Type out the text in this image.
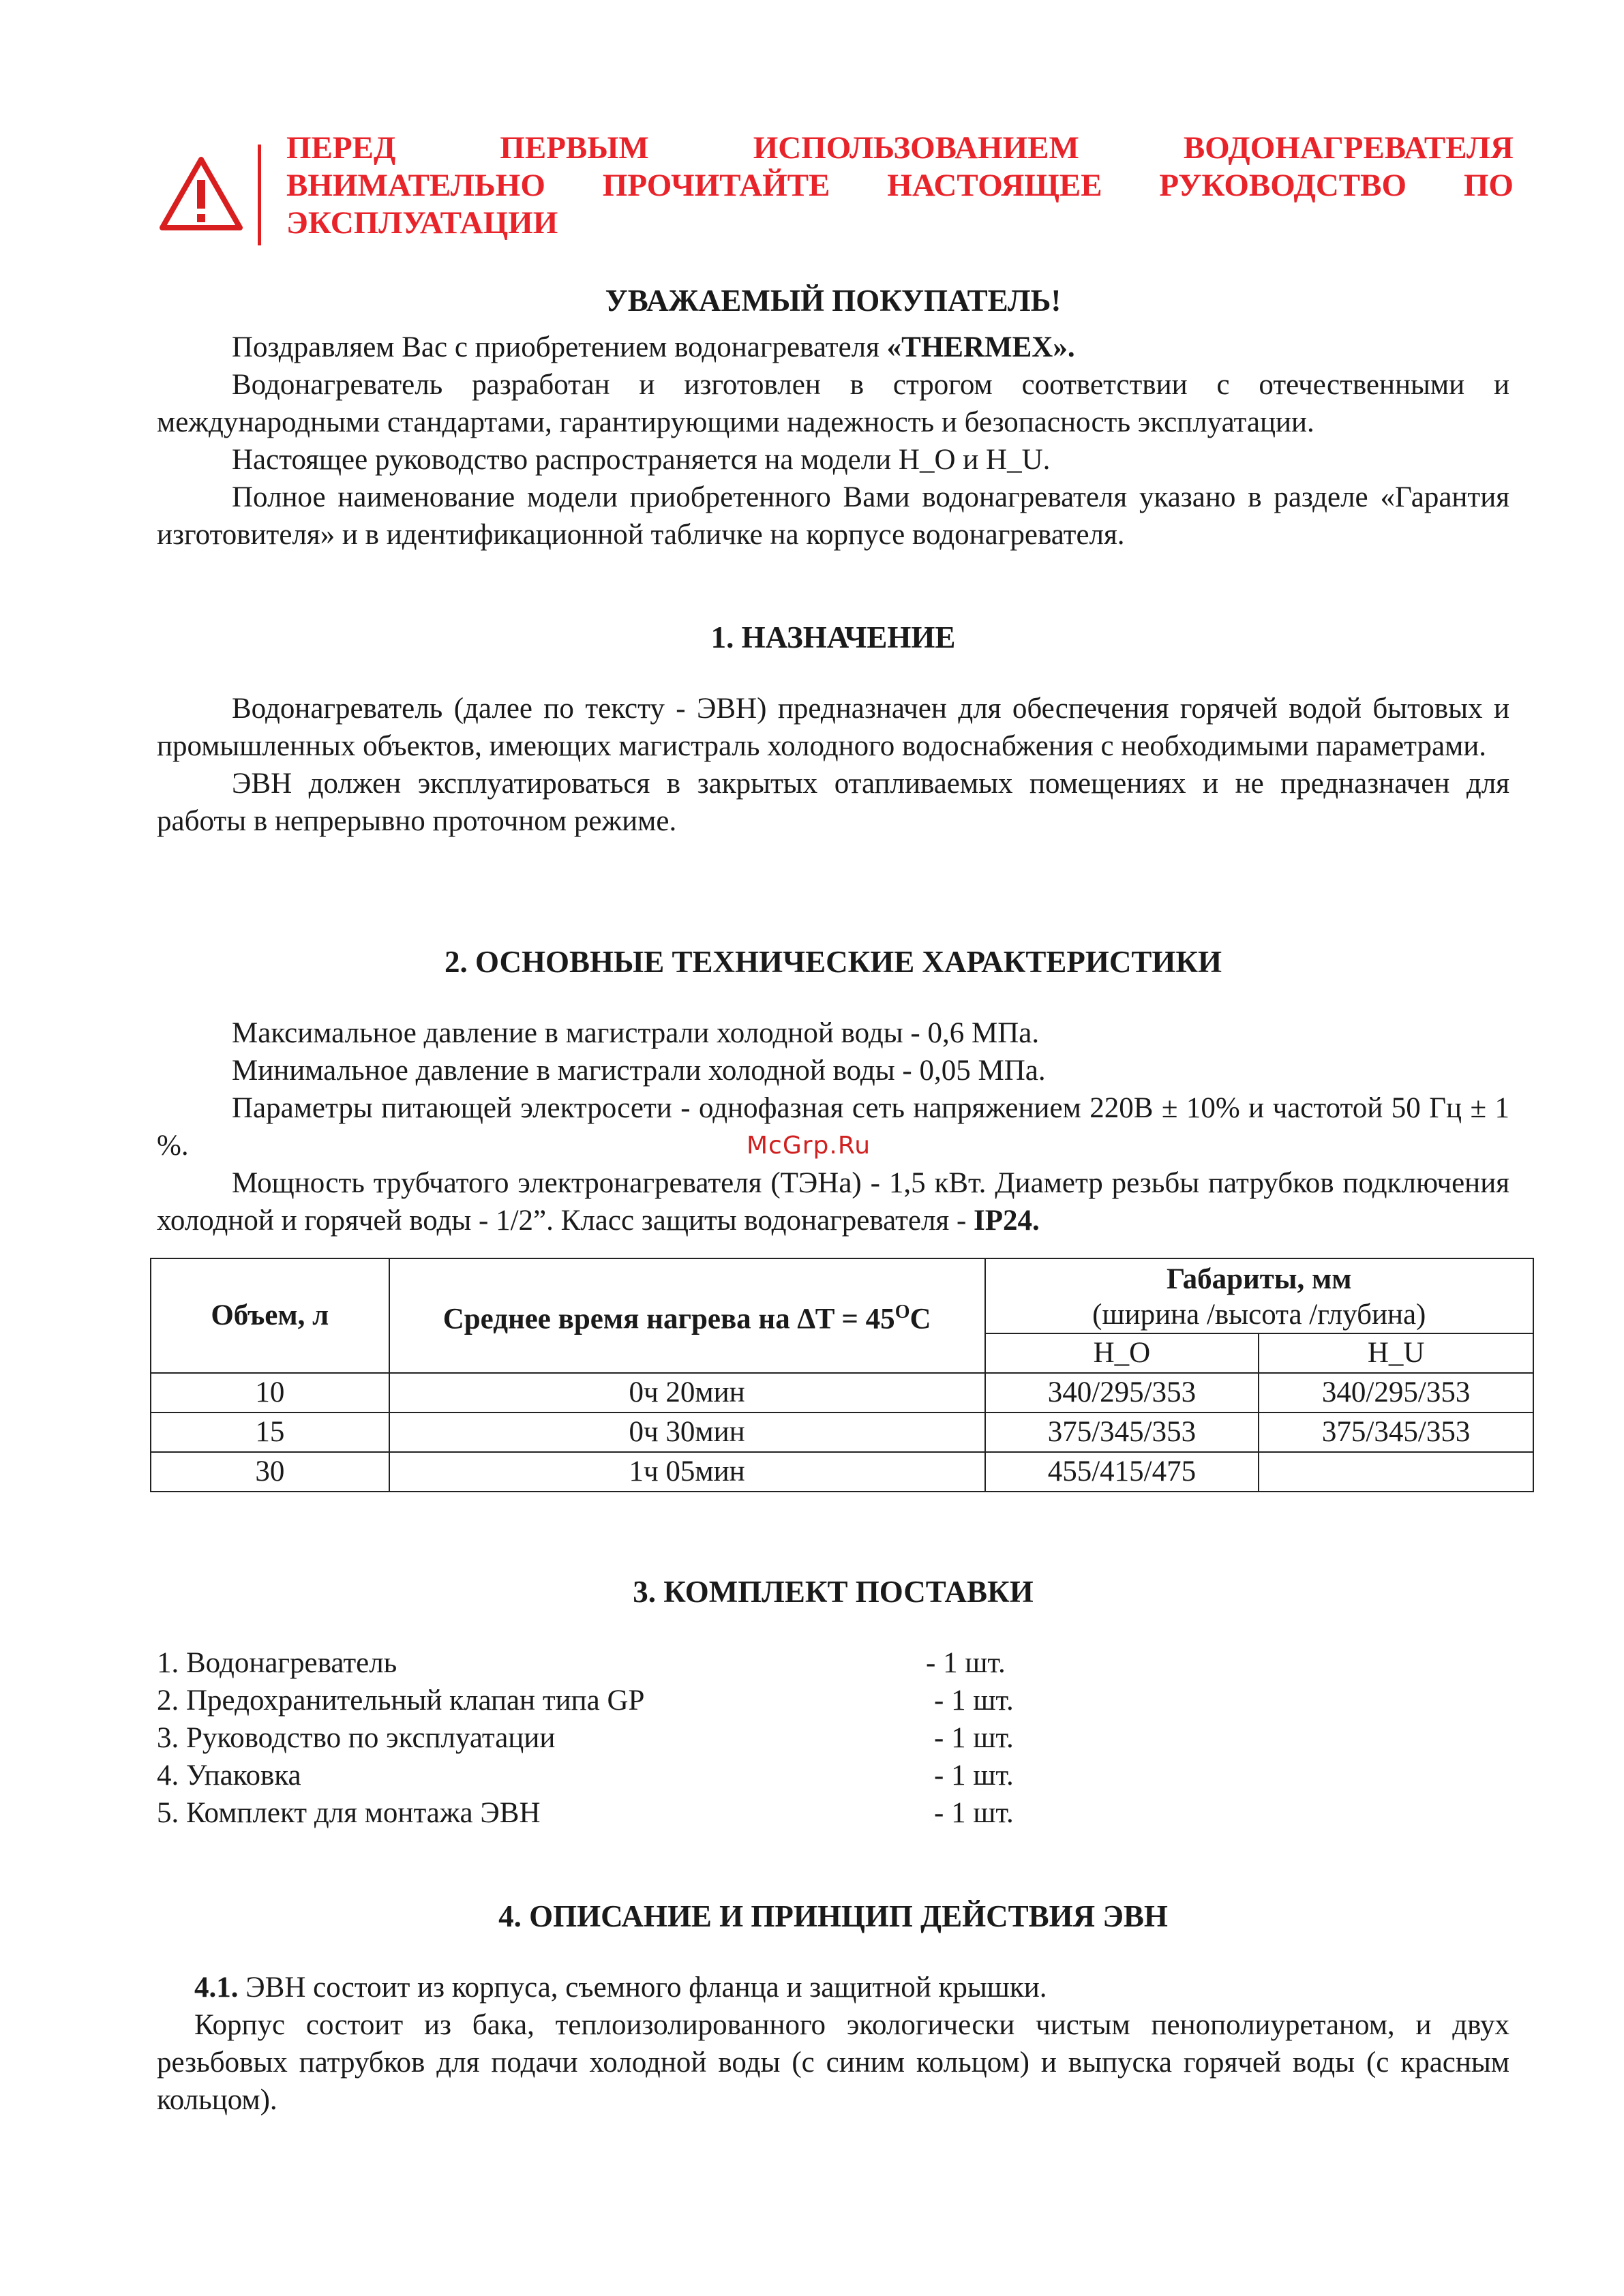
ПЕРЕД	ПЕРВЫМ	ИСПОЛЬЗОВАНИЕМ	ВОДОНАГРЕВАТЕЛЯ
ВНИМАТЕЛЬНО ПРОЧИТАЙТЕ НАСТОЯЩЕЕ РУКОВОДСТВО ПО
ЭКСПЛУАТАЦИИ
УВАЖАЕМЫЙ ПОКУПАТЕЛЬ!

Поздравляем Вас с приобретением водонагревателя «THERMEX».

Водонагреватель разработан и изготовлен в строгом соответствии с отечественными и международными стандартами, гарантирующими надежность и безопасность эксплуатации.

Настоящее руководство распространяется на модели H_O и H_U.

Полное наименование модели приобретенного Вами водонагревателя указано в разделе «Гарантия изготовителя» и в идентификационной табличке на корпусе водонагревателя.

1. НАЗНАЧЕНИЕ

Водонагреватель (далее по тексту - ЭВН) предназначен для обеспечения горячей водой бытовых и промышленных объектов, имеющих магистраль холодного водоснабжения с необходимыми параметрами.

ЭВН должен эксплуатироваться в закрытых отапливаемых помещениях и не предназначен для работы в непрерывно проточном режиме.

2. ОСНОВНЫЕ ТЕХНИЧЕСКИЕ ХАРАКТЕРИСТИКИ

Максимальное давление в магистрали холодной воды - 0,6 МПа.

Минимальное давление в магистрали холодной воды - 0,05 МПа.

Параметры питающей электросети - однофазная сеть напряжением 220В ± 10% и частотой 50 Гц ± 1 %.

Мощность трубчатого электронагревателя (ТЭНа) - 1,5 кВт. Диаметр резьбы патрубков подключения холодной и горячей воды - 1/2”. Класс защиты водонагревателя - IP24.

McGrp.Ru
Объем, л	Среднее время нагрева на $\Delta T = 45^OC$	Габариты, мм
(ширина /высота /глубина)	

		H_O	H_U
10	0ч 20мин	340/295/353	340/295/353
15	0ч 30мин	375/345/353	375/345/353
30	1ч 05мин	455/415/475	
3. КОМПЛЕКТ ПОСТАВКИ
1. Водонагреватель	- 1 шт.
2. Предохранительный клапан типа GP	- 1 шт.
3. Руководство по эксплуатации	- 1 шт.
4. Упаковка	- 1 шт.
5. Комплект для монтажа ЭВН	- 1 шт.
4. ОПИСАНИЕ И ПРИНЦИП ДЕЙСТВИЯ ЭВН

4.1. ЭВН состоит из корпуса, съемного фланца и защитной крышки.

Корпус состоит из бака, теплоизолированного экологически чистым пенополиуретаном, и двух резьбовых патрубков для подачи холодной воды (с синим кольцом) и выпуска горячей воды (с красным кольцом).
